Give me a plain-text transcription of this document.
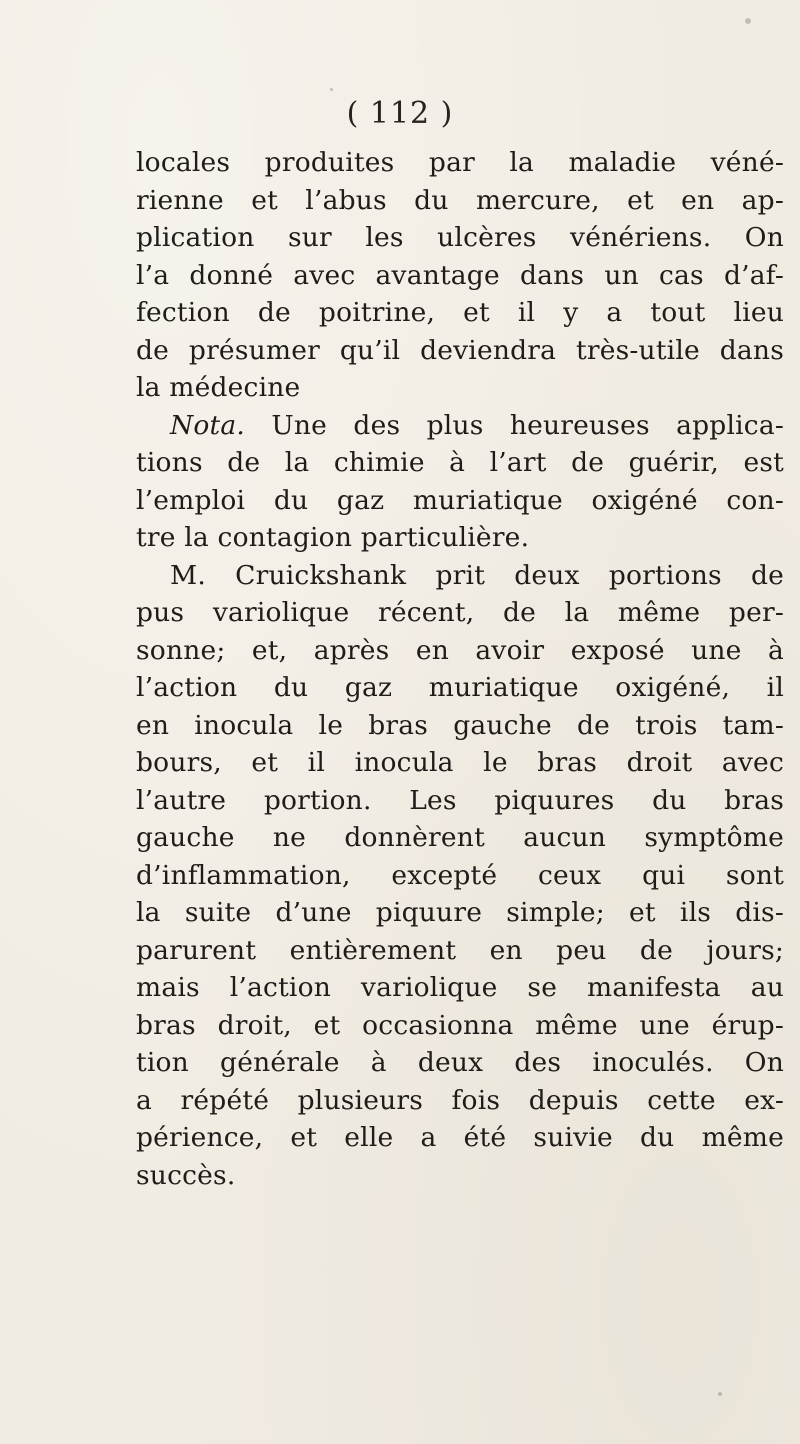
( 112 )
locales produites par la maladie véné-
rienne et l’abus du mercure, et en ap-
plication sur les ulcères vénériens. On
l’a donné avec avantage dans un cas d’af-
fection de poitrine, et il y a tout lieu
de présumer qu’il deviendra très-utile dans
la médecine
Nota. Une des plus heureuses applica-
tions de la chimie à l’art de guérir, est
l’emploi du gaz muriatique oxigéné con-
tre la contagion particulière.
M. Cruickshank prit deux portions de
pus variolique récent, de la même per-
sonne; et, après en avoir exposé une à
l’action du gaz muriatique oxigéné, il
en inocula le bras gauche de trois tam-
bours, et il inocula le bras droit avec
l’autre portion. Les piquures du bras
gauche ne donnèrent aucun symptôme
d’inflammation, excepté ceux qui sont
la suite d’une piquure simple; et ils dis-
parurent entièrement en peu de jours;
mais l’action variolique se manifesta au
bras droit, et occasionna même une érup-
tion générale à deux des inoculés. On
a répété plusieurs fois depuis cette ex-
périence, et elle a été suivie du même
succès.
